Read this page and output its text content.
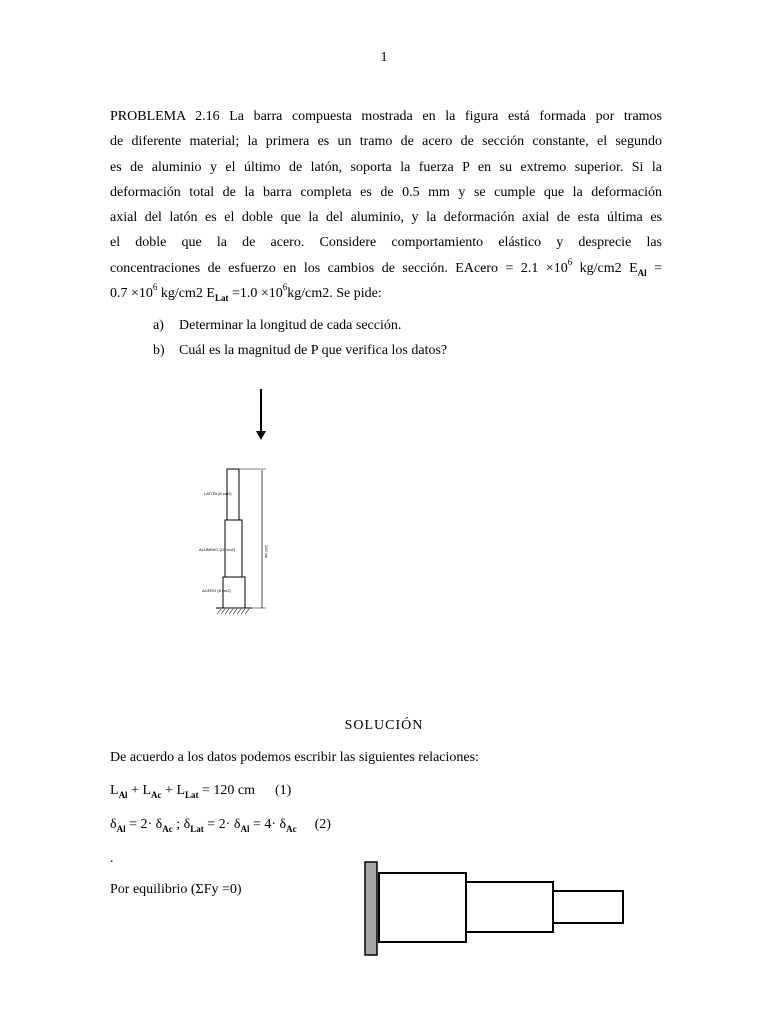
1
PROBLEMA 2.16 La barra compuesta mostrada en la figura está formada por tramos
de diferente material; la primera es un tramo de acero de sección constante, el segundo
es de aluminio y el último de latón, soporta la fuerza P en su extremo superior. Si la
deformación total de la barra completa es de 0.5 mm y se cumple que la deformación
axial del latón es el doble que la del aluminio, y la deformación axial de esta última es
el doble que la de acero. Considere comportamiento elástico y desprecie las
concentraciones de esfuerzo en los cambios de sección. EAcero = $2.1 \times 10^6$ kg/cm2 $E_{Al}$ =
$0.7 \times 10^6$ kg/cm2 $E_{Lat} =1.0 \times 10^6kg/cm2$. Se pide:
a) Determinar la longitud de cada sección.
b) Cuál es la magnitud de P que verifica los datos?
LATON (8 cm2)
ALUMINIO (10 cm2)
ACERO (8 cm2)
120 cm
SOLUCIÓN
De acuerdo a los datos podemos escribir las siguientes relaciones:
$L_{Al} + L_{Ac} + L_{Lat} = 120$ cm (1)
$\delta_{Al} = 2\cdot \delta_{Ac}$ ; $\delta_{Lat} = 2\cdot \delta_{Al} = 4\cdot \delta_{Ac}$ (2)
.
Por equilibrio (ΣFy =0)
